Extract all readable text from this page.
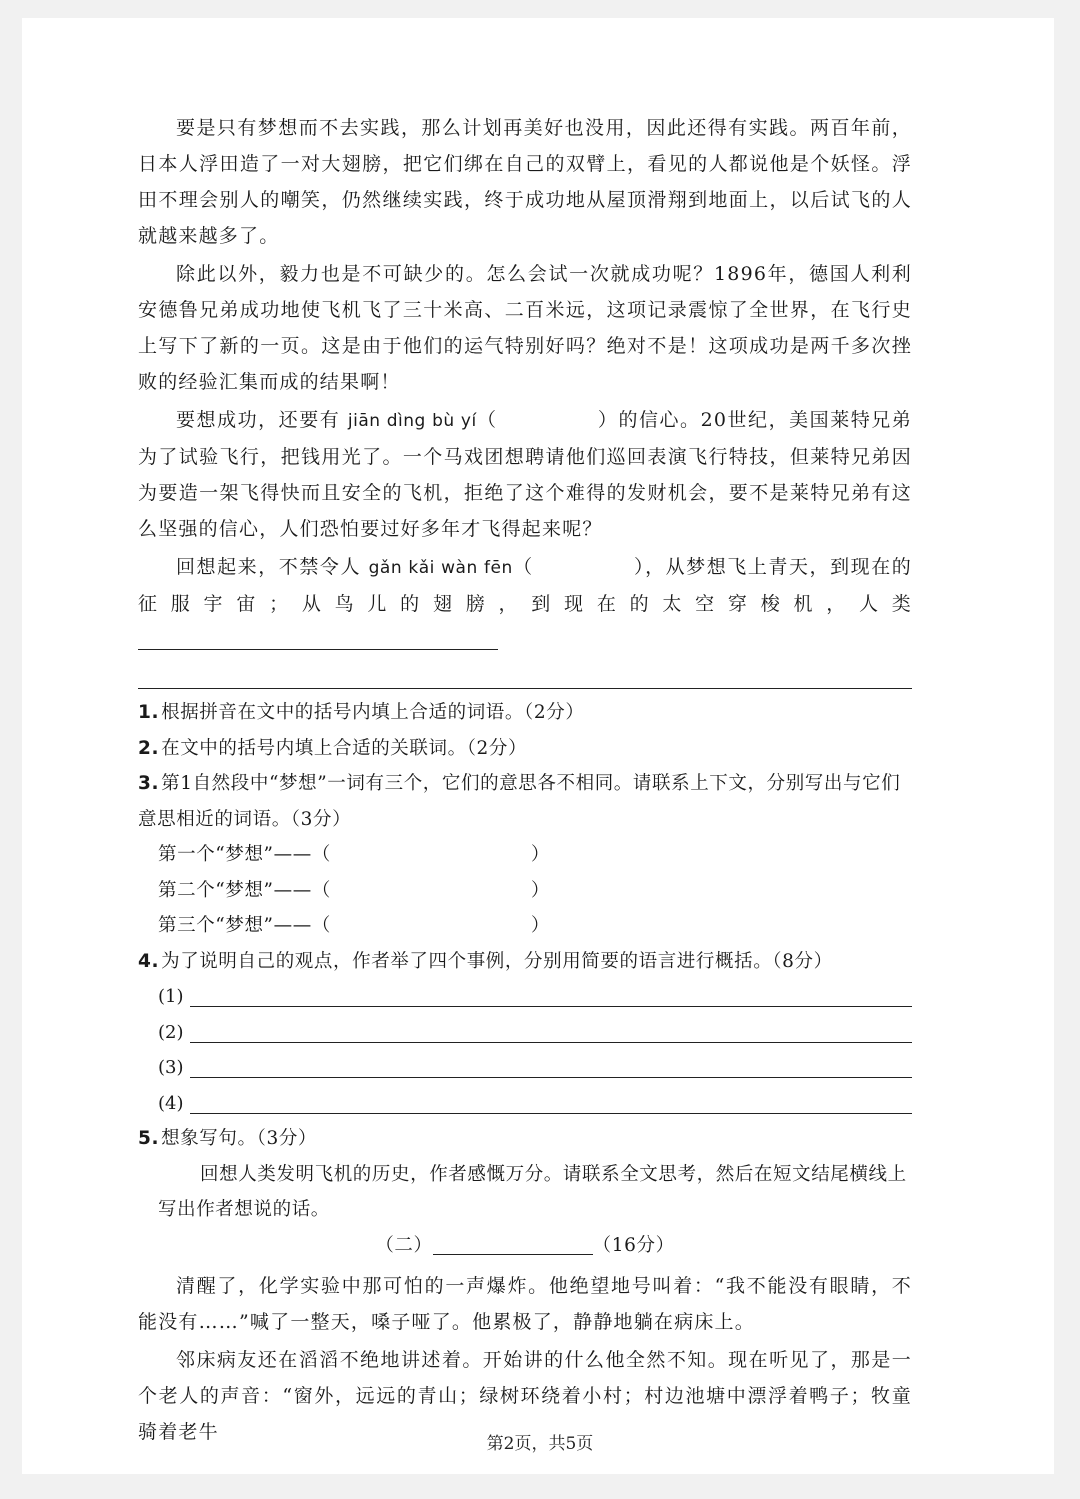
要是只有梦想而不去实践，那么计划再美好也没用，因此还得有实践。两百年前，日本人浮田造了一对大翅膀，把它们绑在自己的双臂上，看见的人都说他是个妖怪。浮田不理会别人的嘲笑，仍然继续实践，终于成功地从屋顶滑翔到地面上，以后试飞的人就越来越多了。

除此以外，毅力也是不可缺少的。怎么会试一次就成功呢？1896年，德国人利利安德鲁兄弟成功地使飞机飞了三十米高、二百米远，这项记录震惊了全世界，在飞行史上写下了新的一页。这是由于他们的运气特别好吗？绝对不是！这项成功是两千多次挫败的经验汇集而成的结果啊！

要想成功，还要有 jiān dìng bù yí（	）的信心。20世纪，美国莱特兄弟为了试验飞行，把钱用光了。一个马戏团想聘请他们巡回表演飞行特技，但莱特兄弟因为要造一架飞得快而且安全的飞机，拒绝了这个难得的发财机会，要不是莱特兄弟有这么坚强的信心，人们恐怕要过好多年才飞得起来呢？

回想起来，不禁令人 gǎn kǎi wàn fēn（	），从梦想飞上青天，到现在的征服宇宙；从鸟儿的翅膀，到现在的太空穿梭机，人类

1. 根据拼音在文中的括号内填上合适的词语。（2分）

2. 在文中的括号内填上合适的关联词。（2分）

3. 第1自然段中“梦想”一词有三个，它们的意思各不相同。请联系上下文，分别写出与它们意思相近的词语。（3分）

第一个“梦想”——（	）
第二个“梦想”——（	）
第三个“梦想”——（	）

4. 为了说明自己的观点，作者举了四个事例，分别用简要的语言进行概括。（8分）

(1)
(2)
(3)
(4)

5. 想象写句。（3分）

回想人类发明飞机的历史，作者感慨万分。请联系全文思考，然后在短文结尾横线上写出作者想说的话。

（二）	（16分）

清醒了，化学实验中那可怕的一声爆炸。他绝望地号叫着：“我不能没有眼睛，不能没有……”喊了一整天，嗓子哑了。他累极了，静静地躺在病床上。

邻床病友还在滔滔不绝地讲述着。开始讲的什么他全然不知。现在听见了，那是一个老人的声音：“窗外，远远的青山；绿树环绕着小村；村边池塘中漂浮着鸭子；牧童骑着老牛

第2页，共5页
